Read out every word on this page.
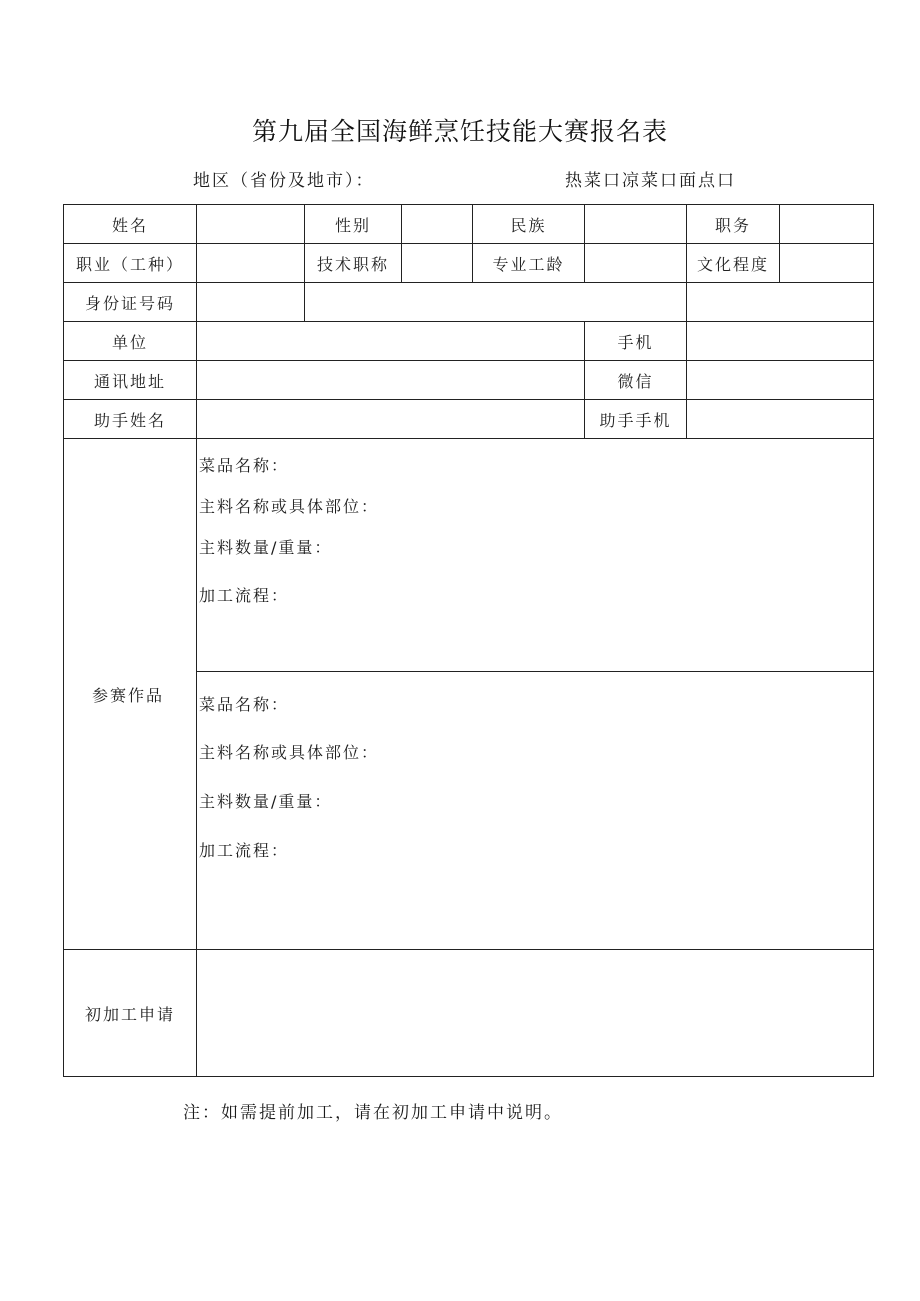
第九届全国海鲜烹饪技能大赛报名表
地区（省份及地市）：	热菜口凉菜口面点口
姓名		性别		民族		职务	
职业（工种）		技术职称		专业工龄		文化程度	
身份证号码							
单位					手机		
通讯地址					微信		
助手姓名					助手手机		
参赛作品	菜品名称：
主料名称或具体部位：
主料数量/重量：
加工流程：						

	菜品名称：
主料名称或具体部位：
主料数量/重量：
加工流程：						

初加工申请							
注：如需提前加工，请在初加工申请中说明。
